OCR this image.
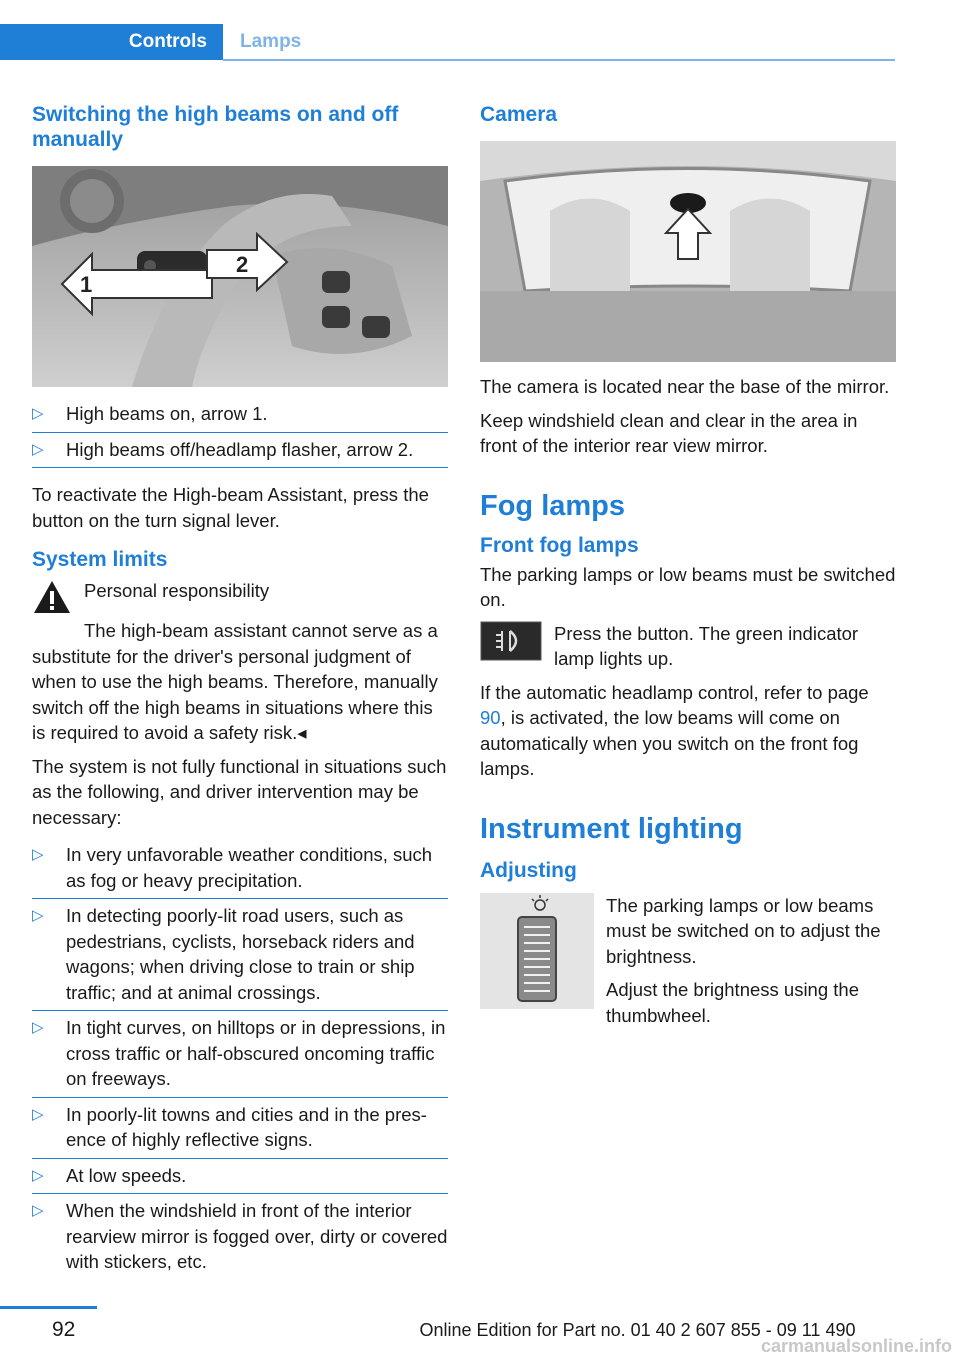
Controls	Lamps
Switching the high beams on and off manually
1
2
▷ High beams on, arrow 1.
▷ High beams off/headlamp flasher, arrow 2.

To reactivate the High-beam Assistant, press the button on the turn signal lever.

System limits

Personal responsibility

The high-beam assistant cannot serve as a substitute for the driver's personal judgment of when to use the high beams. Therefore, manually switch off the high beams in situations where this is required to avoid a safety risk.◂

The system is not fully functional in situations such as the following, and driver intervention may be necessary:

▷ In very unfavorable weather conditions, such as fog or heavy precipitation.
▷ In detecting poorly-lit road users, such as pedestrians, cyclists, horseback riders and wagons; when driving close to train or ship traffic; and at animal crossings.
▷ In tight curves, on hilltops or in depressions, in cross traffic or half-obscured oncoming traffic on freeways.
▷ In poorly-lit towns and cities and in the presence of highly reflective signs.
▷ At low speeds.
▷ When the windshield in front of the interior rearview mirror is fogged over, dirty or covered with stickers, etc.
Camera

The camera is located near the base of the mirror.

Keep windshield clean and clear in the area in front of the interior rear view mirror.

Fog lamps
Front fog lamps

The parking lamps or low beams must be switched on.

Press the button. The green indicator lamp lights up.

If the automatic headlamp control, refer to page 90, is activated, the low beams will come on automatically when you switch on the front fog lamps.

Instrument lighting
Adjusting

The parking lamps or low beams must be switched on to adjust the brightness.

Adjust the brightness using the thumbwheel.

92	Online Edition for Part no. 01 40 2 607 855 - 09 11 490
carmanualsonline.info
